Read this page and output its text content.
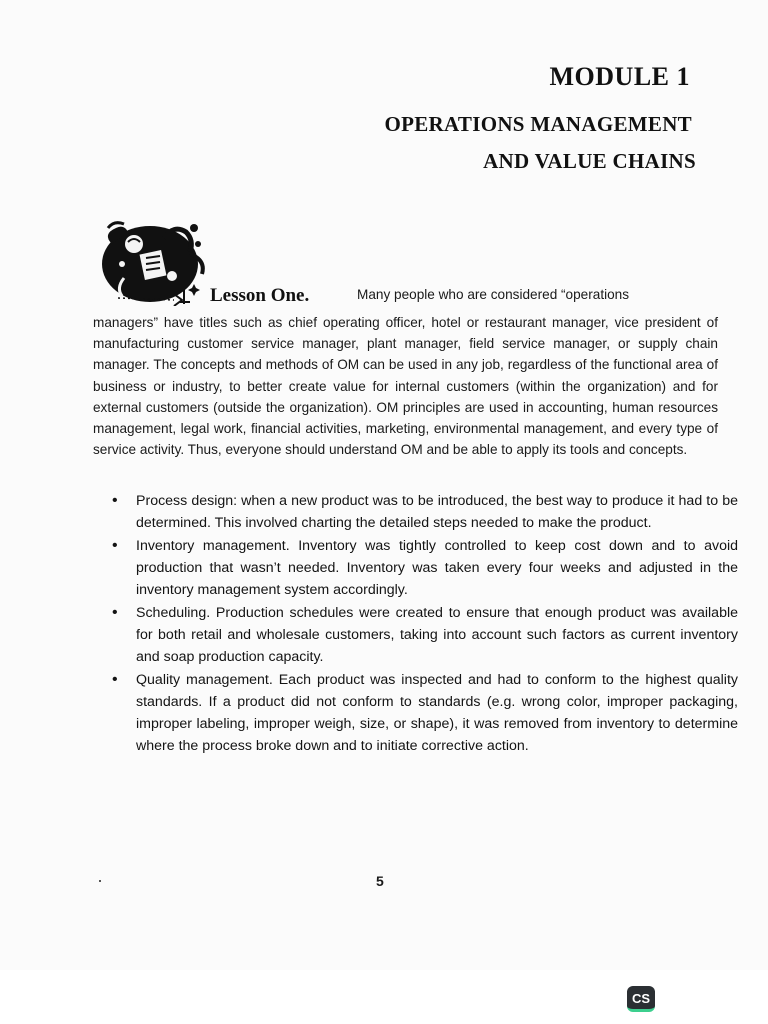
MODULE 1
OPERATIONS MANAGEMENT
AND VALUE CHAINS
Lesson One.	Many people who are considered “operations
managers” have titles such as chief operating officer, hotel or restaurant manager, vice president of manufacturing customer service manager, plant manager, field service manager, or supply chain manager. The concepts and methods of OM can be used in any job, regardless of the functional area of business or industry, to better create value for internal customers (within the organization) and for external customers (outside the organization). OM principles are used in accounting, human resources management, legal work, financial activities, marketing, environmental management, and every type of service activity. Thus, everyone should understand OM and be able to apply its tools and concepts.
• Process design: when a new product was to be introduced, the best way to produce it had to be determined. This involved charting the detailed steps needed to make the product.
• Inventory management. Inventory was tightly controlled to keep cost down and to avoid production that wasn’t needed. Inventory was taken every four weeks and adjusted in the inventory management system accordingly.
• Scheduling. Production schedules were created to ensure that enough product was available for both retail and wholesale customers, taking into account such factors as current inventory and soap production capacity.
• Quality management. Each product was inspected and had to conform to the highest quality standards. If a product did not conform to standards (e.g. wrong color, improper packaging, improper labeling, improper weigh, size, or shape), it was removed from inventory to determine where the process broke down and to initiate corrective action.
5
CS
